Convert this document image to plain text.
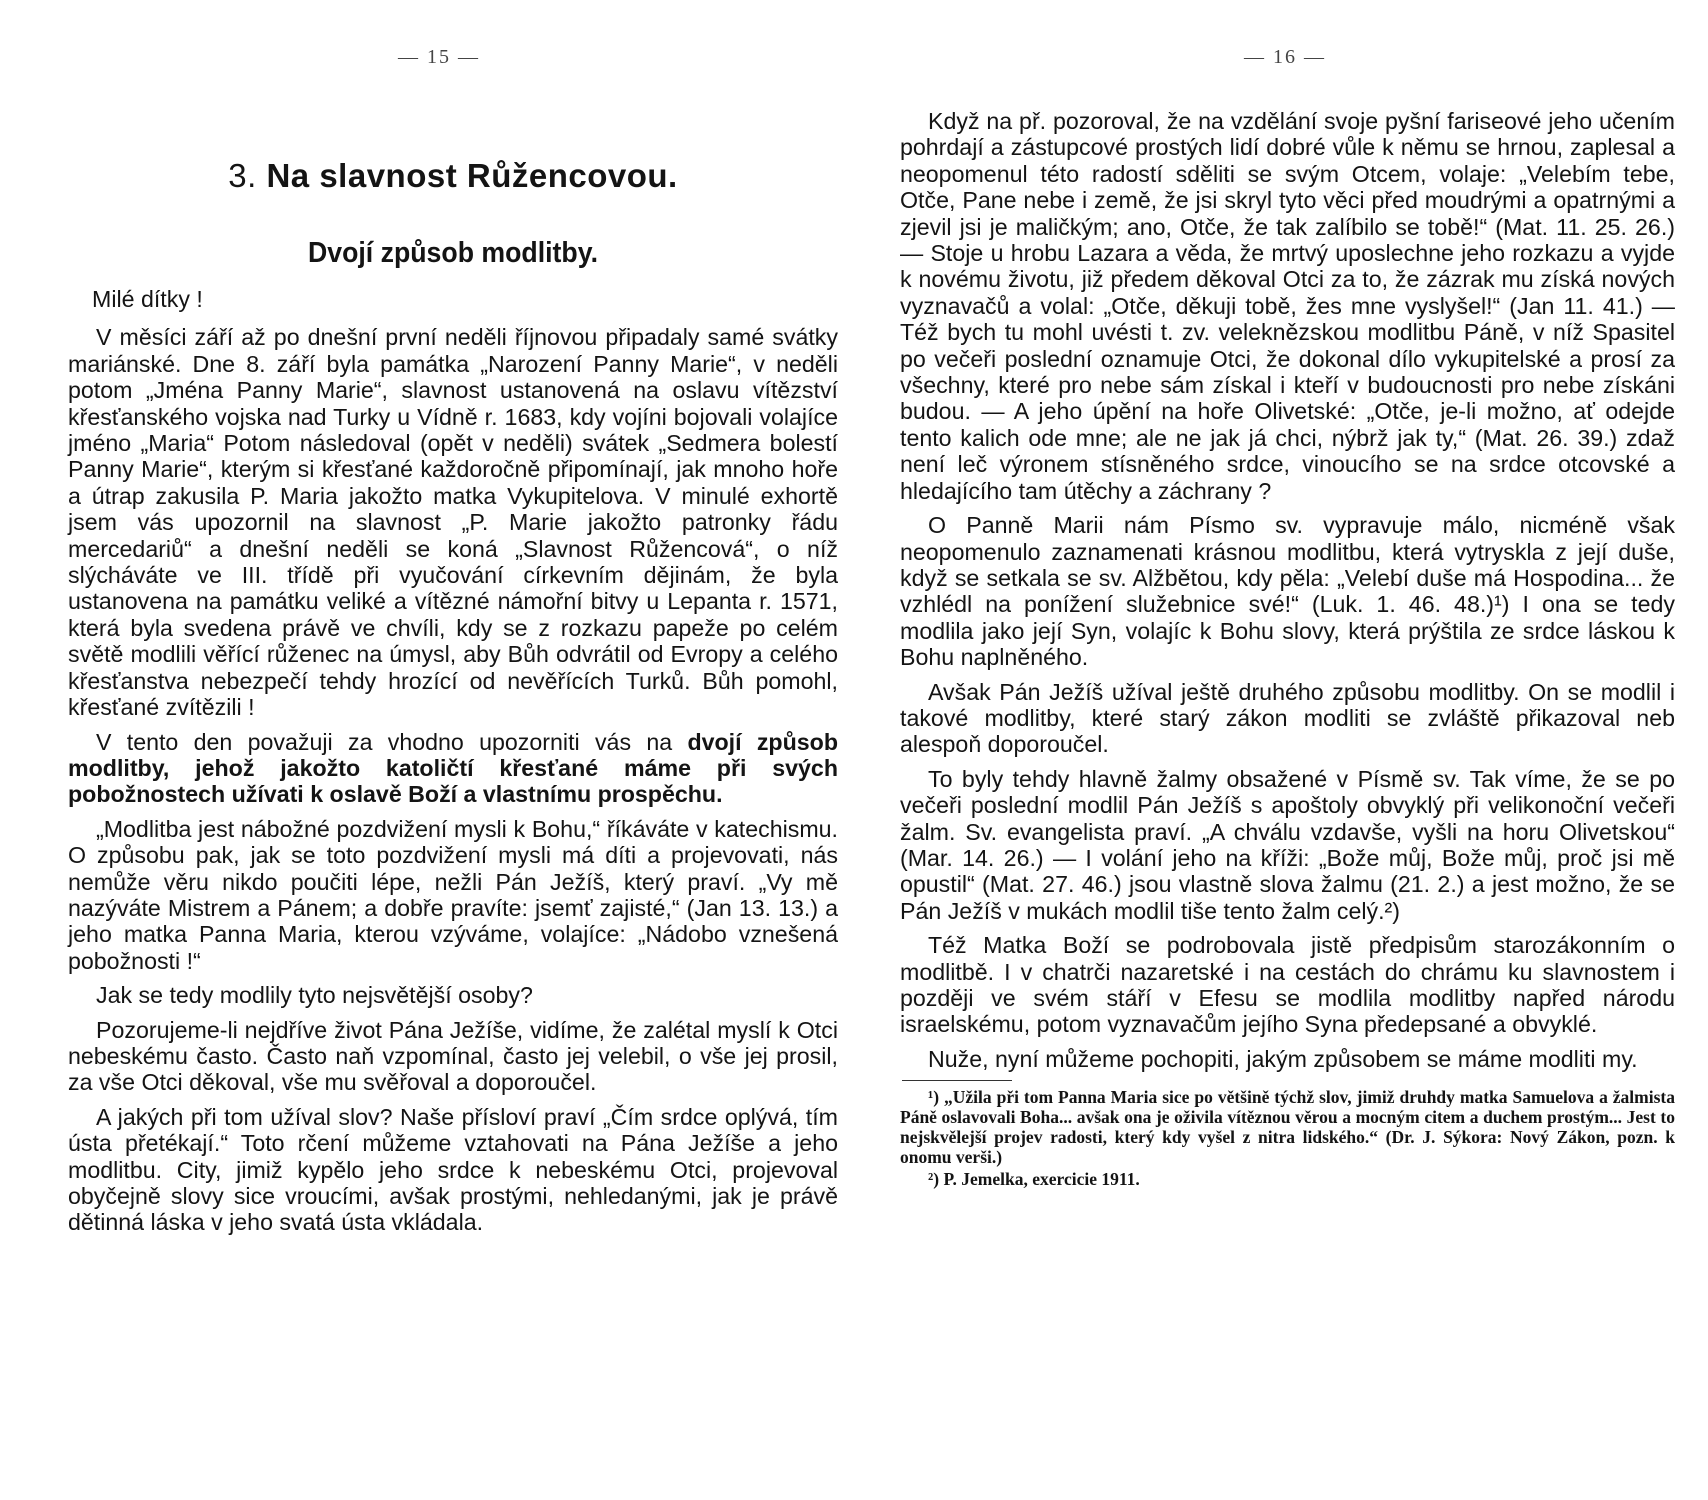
— 15 —
3. Na slavnost Růžencovou.
Dvojí způsob modlitby.
Milé dítky !

V měsíci září až po dnešní první neděli říjnovou připadaly samé svátky mariánské. Dne 8. září byla památka „Narození Panny Marie“, v neděli potom „Jména Panny Marie“, slavnost ustanovená na oslavu vítězství křesťanského vojska nad Turky u Vídně r. 1683, kdy vojíni bojovali volajíce jméno „Maria“ Potom následoval (opět v neděli) svátek „Sedmera bolestí Panny Marie“, kterým si křesťané každoročně připomínají, jak mnoho hoře a útrap zakusila P. Maria jakožto matka Vykupitelova. V minulé exhortě jsem vás upozornil na slavnost „P. Marie jakožto patronky řádu mercedariů“ a dnešní neděli se koná „Slavnost Růžencová“, o níž slýcháváte ve III. třídě při vyučování církevním dějinám, že byla ustanovena na památku veliké a vítězné námořní bitvy u Lepanta r. 1571, která byla svedena právě ve chvíli, kdy se z rozkazu papeže po celém světě modlili věřící růženec na úmysl, aby Bůh odvrátil od Evropy a celého křesťanstva nebezpečí tehdy hrozící od nevěřících Turků. Bůh pomohl, křesťané zvítězili !

V tento den považuji za vhodno upozorniti vás na dvojí způsob modlitby, jehož jakožto katoličtí křesťané máme při svých pobožnostech užívati k oslavě Boží a vlastnímu prospěchu.

„Modlitba jest nábožné pozdvižení mysli k Bohu,“ říkáváte v katechismu. O způsobu pak, jak se toto pozdvižení mysli má díti a projevovati, nás nemůže věru nikdo poučiti lépe, nežli Pán Ježíš, který praví. „Vy mě nazýváte Mistrem a Pánem; a dobře pravíte: jsemť zajisté,“ (Jan 13. 13.) a jeho matka Panna Maria, kterou vzýváme, volajíce: „Nádobo vznešená pobožnosti !“

Jak se tedy modlily tyto nejsvětější osoby?

Pozorujeme-li nejdříve život Pána Ježíše, vidíme, že zalétal myslí k Otci nebeskému často. Často naň vzpomínal, často jej velebil, o vše jej prosil, za vše Otci děkoval, vše mu svěřoval a doporoučel.

A jakých při tom užíval slov? Naše přísloví praví „Čím srdce oplývá, tím ústa přetékají.“ Toto rčení můžeme vztahovati na Pána Ježíše a jeho modlitbu. City, jimiž kypělo jeho srdce k nebeskému Otci, projevoval obyčejně slovy sice vroucími, avšak prostými, nehledanými, jak je právě dětinná láska v jeho svatá ústa vkládala.

— 16 —

Když na př. pozoroval, že na vzdělání svoje pyšní fariseové jeho učením pohrdají a zástupcové prostých lidí dobré vůle k němu se hrnou, zaplesal a neopomenul této radostí sděliti se svým Otcem, volaje: „Velebím tebe, Otče, Pane nebe i země, že jsi skryl tyto věci před moudrými a opatrnými a zjevil jsi je maličkým; ano, Otče, že tak zalíbilo se tobě!“ (Mat. 11. 25. 26.) — Stoje u hrobu Lazara a věda, že mrtvý uposlechne jeho rozkazu a vyjde k novému životu, již předem děkoval Otci za to, že zázrak mu získá nových vyznavačů a volal: „Otče, děkuji tobě, žes mne vyslyšel!“ (Jan 11. 41.) — Též bych tu mohl uvésti t. zv. veleknězskou modlitbu Páně, v níž Spasitel po večeři poslední oznamuje Otci, že dokonal dílo vykupitelské a prosí za všechny, které pro nebe sám získal i kteří v budoucnosti pro nebe získáni budou. — A jeho úpění na hoře Olivetské: „Otče, je-li možno, ať odejde tento kalich ode mne; ale ne jak já chci, nýbrž jak ty,“ (Mat. 26. 39.) zdaž není leč výronem stísněného srdce, vinoucího se na srdce otcovské a hledajícího tam útěchy a záchrany ?

O Panně Marii nám Písmo sv. vypravuje málo, nicméně však neopomenulo zaznamenati krásnou modlitbu, která vytryskla z její duše, když se setkala se sv. Alžbětou, kdy pěla: „Velebí duše má Hospodina... že vzhlédl na ponížení služebnice své!“ (Luk. 1. 46. 48.)¹) I ona se tedy modlila jako její Syn, volajíc k Bohu slovy, která prýštila ze srdce láskou k Bohu naplněného.

Avšak Pán Ježíš užíval ještě druhého způsobu modlitby. On se modlil i takové modlitby, které starý zákon modliti se zvláště přikazoval neb alespoň doporoučel.

To byly tehdy hlavně žalmy obsažené v Písmě sv. Tak víme, že se po večeři poslední modlil Pán Ježíš s apoštoly obvyklý při velikonoční večeři žalm. Sv. evangelista praví. „A chválu vzdavše, vyšli na horu Olivetskou“ (Mar. 14. 26.) — I volání jeho na kříži: „Bože můj, Bože můj, proč jsi mě opustil“ (Mat. 27. 46.) jsou vlastně slova žalmu (21. 2.) a jest možno, že se Pán Ježíš v mukách modlil tiše tento žalm celý.²)

Též Matka Boží se podrobovala jistě předpisům starozákonním o modlitbě. I v chatrči nazaretské i na cestách do chrámu ku slavnostem i později ve svém stáří v Efesu se modlila modlitby napřed národu israelskému, potom vyznavačům jejího Syna předepsané a obvyklé.

Nuže, nyní můžeme pochopiti, jakým způsobem se máme modliti my.

¹) „Užila při tom Panna Maria sice po většině týchž slov, jimiž druhdy matka Samuelova a žalmista Páně oslavovali Boha... avšak ona je oživila vítěznou věrou a mocným citem a duchem prostým... Jest to nejskvělejší projev radosti, který kdy vyšel z nitra lidského.“ (Dr. J. Sýkora: Nový Zákon, pozn. k onomu verši.)

²) P. Jemelka, exercicie 1911.
